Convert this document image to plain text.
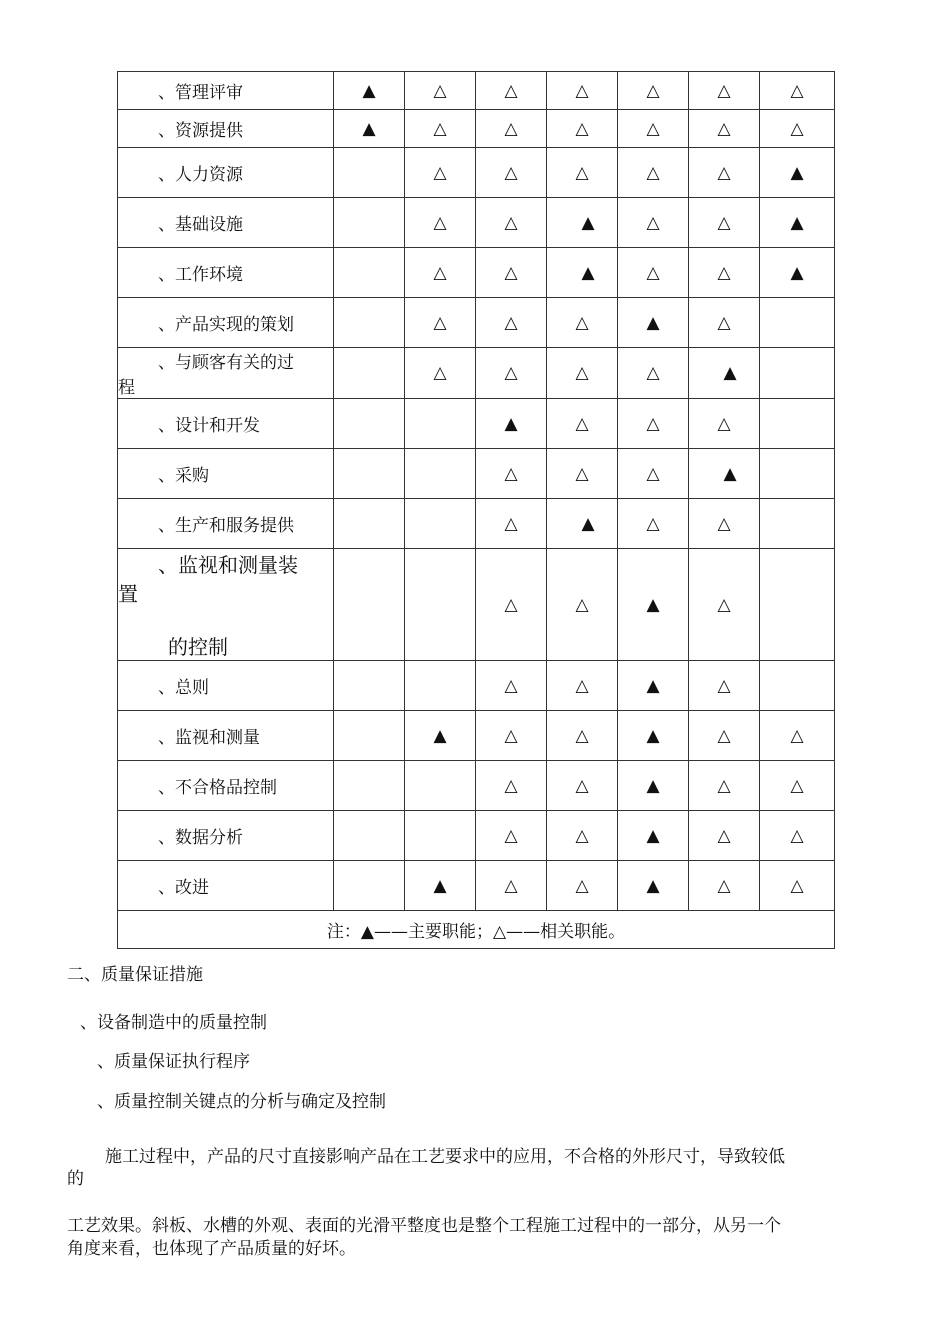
、管理评审	▲	△	△	△	△	△	△

、资源提供	▲	△	△	△	△	△	△

、人力资源		△	△	△	△	△	▲

、基础设施		△	△	▲	△	△	▲

、工作环境		△	△	▲	△	△	▲

、产品实现的策划		△	△	△	▲	△	

、与顾客有关的过
程		△	△	△	△	▲	

、设计和开发			▲	△	△	△	

、采购			△	△	△	▲	

、生产和服务提供			△	▲	△	△	

、监视和测量装
置
的控制			△	△	▲	△	

、总则			△	△	▲	△	

、监视和测量		▲	△	△	▲	△	△

、不合格品控制			△	△	▲	△	△

、数据分析			△	△	▲	△	△

、改进		▲	△	△	▲	△	△
注：▲——主要职能；△——相关职能。							
二、质量保证措施
、设备制造中的质量控制
、质量保证执行程序
、质量控制关键点的分析与确定及控制
施工过程中，产品的尺寸直接影响产品在工艺要求中的应用，不合格的外形尺寸，导致较低
的
工艺效果。斜板、水槽的外观、表面的光滑平整度也是整个工程施工过程中的一部分，从另一个
角度来看，也体现了产品质量的好坏。
